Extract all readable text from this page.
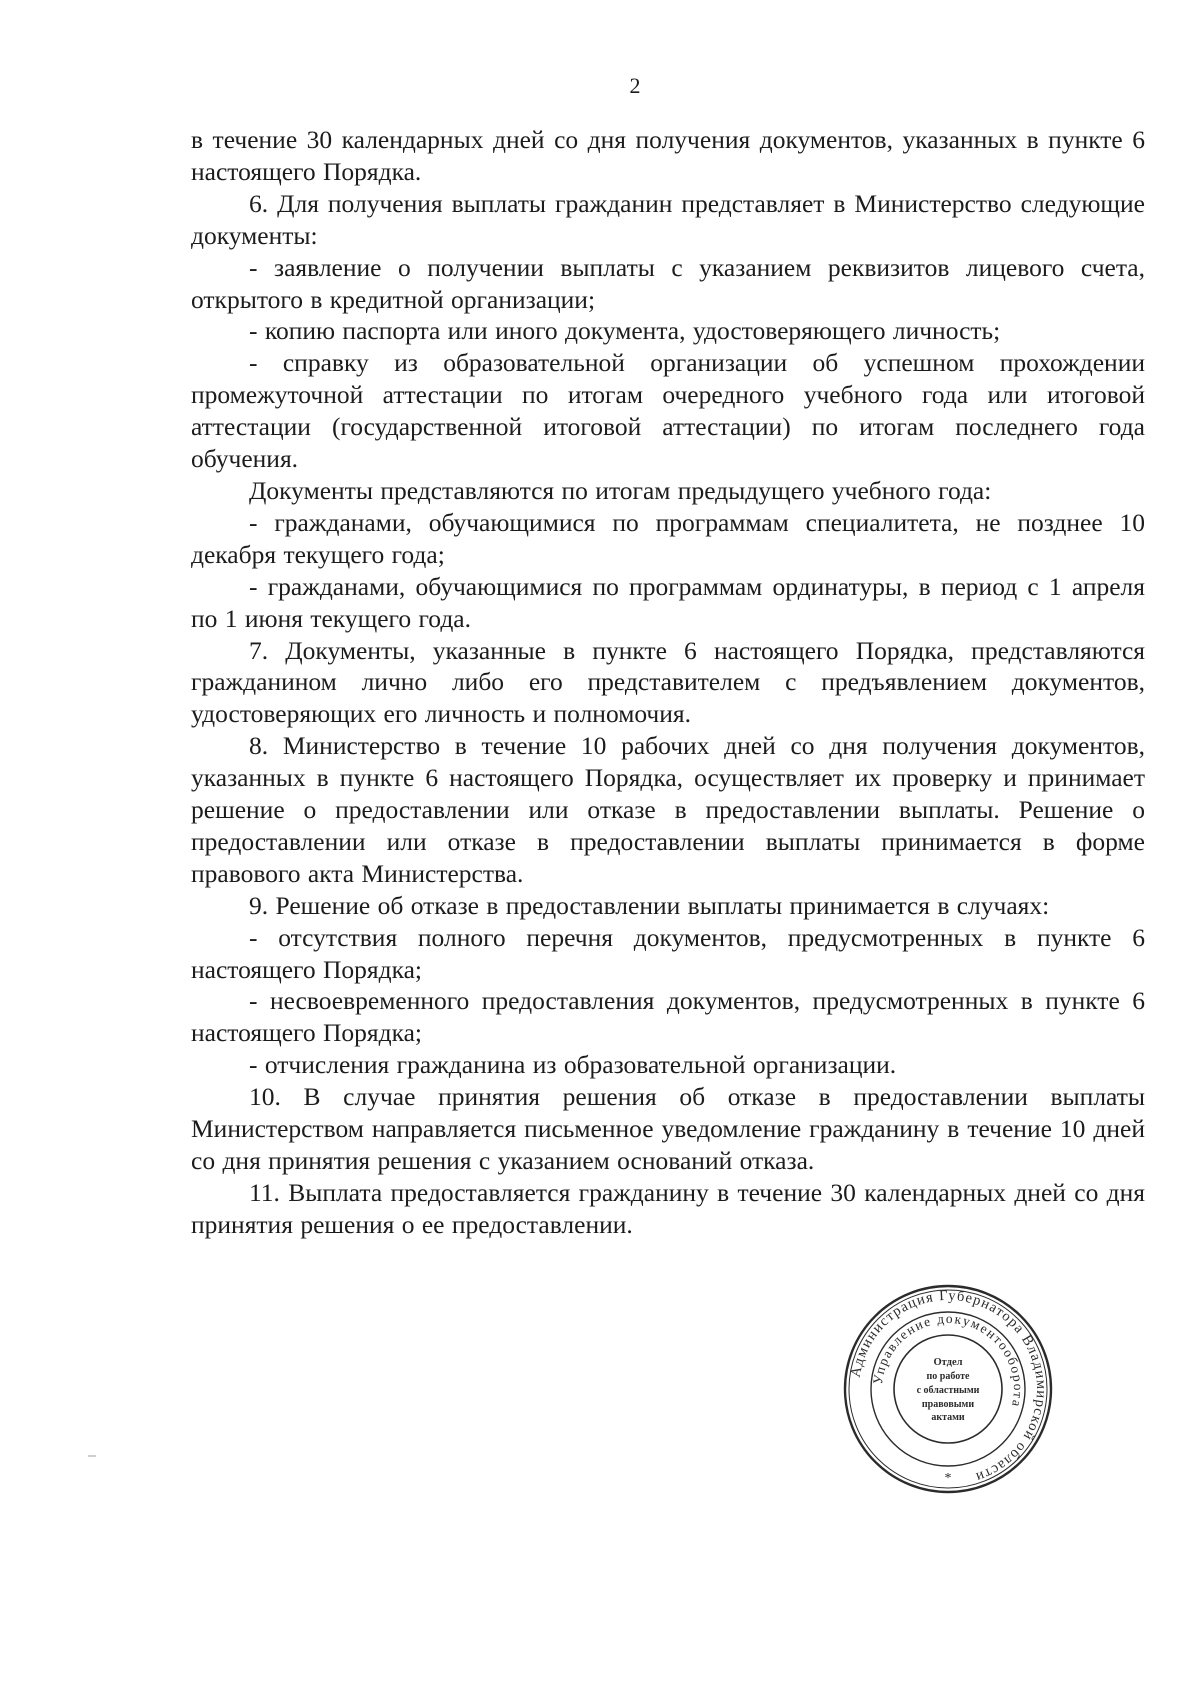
2

в течение 30 календарных дней со дня получения документов, указанных в пункте 6 настоящего Порядка.

6. Для получения выплаты гражданин представляет в Министерство следующие документы:

- заявление о получении выплаты с указанием реквизитов лицевого счета, открытого в кредитной организации;

- копию паспорта или иного документа, удостоверяющего личность;

- справку из образовательной организации об успешном прохождении промежуточной аттестации по итогам очередного учебного года или итоговой аттестации (государственной итоговой аттестации) по итогам последнего года обучения.

Документы представляются по итогам предыдущего учебного года:

- гражданами, обучающимися по программам специалитета, не позднее 10 декабря текущего года;

- гражданами, обучающимися по программам ординатуры, в период с 1 апреля по 1 июня текущего года.

7. Документы, указанные в пункте 6 настоящего Порядка, представляются гражданином лично либо его представителем с предъявлением документов, удостоверяющих его личность и полномочия.

8. Министерство в течение 10 рабочих дней со дня получения документов, указанных в пункте 6 настоящего Порядка, осуществляет их проверку и принимает решение о предоставлении или отказе в предоставлении выплаты. Решение о предоставлении или отказе в предоставлении выплаты принимается в форме правового акта Министерства.

9. Решение об отказе в предоставлении выплаты принимается в случаях:

- отсутствия полного перечня документов, предусмотренных в пункте 6 настоящего Порядка;

- несвоевременного предоставления документов, предусмотренных в пункте 6 настоящего Порядка;

- отчисления гражданина из образовательной организации.

10. В случае принятия решения об отказе в предоставлении выплаты Министерством направляется письменное уведомление гражданину в течение 10 дней со дня принятия решения с указанием оснований отказа.

11. Выплата предоставляется гражданину в течение 30 календарных дней со дня принятия решения о ее предоставлении.

Администрация Губернатора Владимирской области
Управление документооборота
*
Отдел
по работе
с областными
правовыми
актами
